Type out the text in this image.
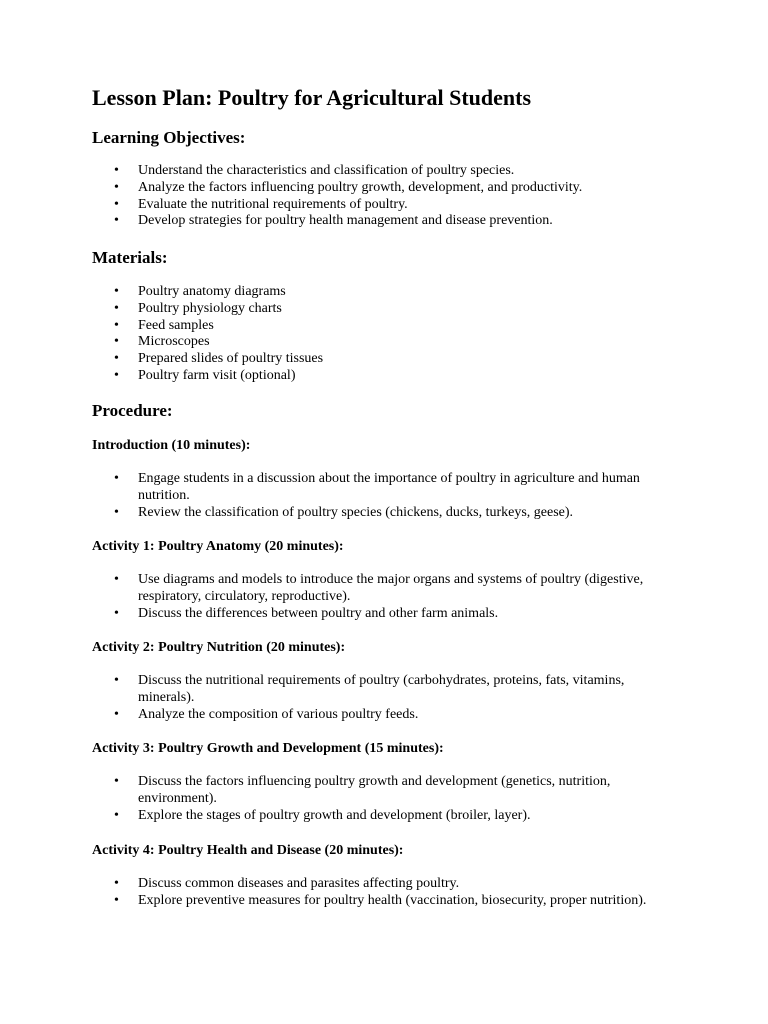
Lesson Plan: Poultry for Agricultural Students
Learning Objectives:
• Understand the characteristics and classification of poultry species.
• Analyze the factors influencing poultry growth, development, and productivity.
• Evaluate the nutritional requirements of poultry.
• Develop strategies for poultry health management and disease prevention.
Materials:
• Poultry anatomy diagrams
• Poultry physiology charts
• Feed samples
• Microscopes
• Prepared slides of poultry tissues
• Poultry farm visit (optional)
Procedure:
Introduction (10 minutes):
• Engage students in a discussion about the importance of poultry in agriculture and human nutrition.
• Review the classification of poultry species (chickens, ducks, turkeys, geese).
Activity 1: Poultry Anatomy (20 minutes):
• Use diagrams and models to introduce the major organs and systems of poultry (digestive, respiratory, circulatory, reproductive).
• Discuss the differences between poultry and other farm animals.
Activity 2: Poultry Nutrition (20 minutes):
• Discuss the nutritional requirements of poultry (carbohydrates, proteins, fats, vitamins, minerals).
• Analyze the composition of various poultry feeds.
Activity 3: Poultry Growth and Development (15 minutes):
• Discuss the factors influencing poultry growth and development (genetics, nutrition, environment).
• Explore the stages of poultry growth and development (broiler, layer).
Activity 4: Poultry Health and Disease (20 minutes):
• Discuss common diseases and parasites affecting poultry.
• Explore preventive measures for poultry health (vaccination, biosecurity, proper nutrition).
